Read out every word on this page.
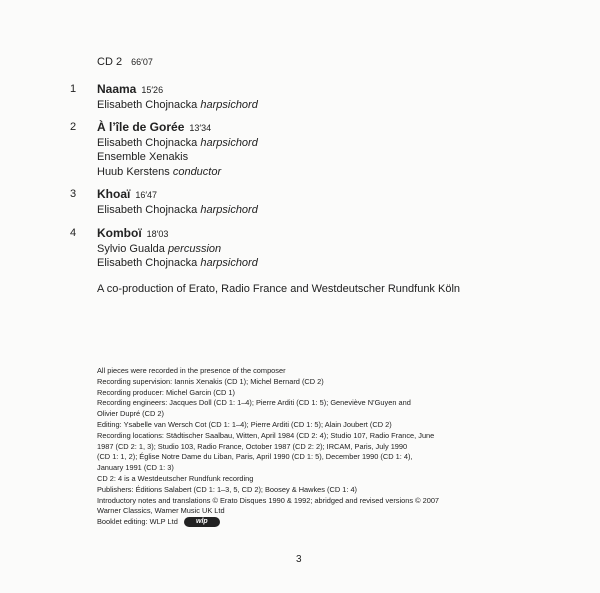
CD 2 66′07
1	Naama 15′26
Elisabeth Chojnacka harpsichord
2	À l’île de Gorée 13′34
Elisabeth Chojnacka harpsichord
Ensemble Xenakis
Huub Kerstens conductor
3	Khoaï 16′47
Elisabeth Chojnacka harpsichord
4	Komboï 18′03
Sylvio Gualda percussion
Elisabeth Chojnacka harpsichord
A co-production of Erato, Radio France and Westdeutscher Rundfunk Köln
All pieces were recorded in the presence of the composer
Recording supervision: Iannis Xenakis (CD 1); Michel Bernard (CD 2)
Recording producer: Michel Garcin (CD 1)
Recording engineers: Jacques Doll (CD 1: 1–4); Pierre Arditi (CD 1: 5); Geneviève N’Guyen and
Olivier Dupré (CD 2)
Editing: Ysabelle van Wersch Cot (CD 1: 1–4); Pierre Arditi (CD 1: 5); Alain Joubert (CD 2)
Recording locations: Städtischer Saalbau, Witten, April 1984 (CD 2: 4); Studio 107, Radio France, June
1987 (CD 2: 1, 3); Studio 103, Radio France, October 1987 (CD 2: 2); IRCAM, Paris, July 1990
(CD 1: 1, 2); Église Notre Dame du Liban, Paris, April 1990 (CD 1: 5), December 1990 (CD 1: 4),
January 1991 (CD 1: 3)
CD 2: 4 is a Westdeutscher Rundfunk recording
Publishers: Éditions Salabert (CD 1: 1–3, 5, CD 2); Boosey & Hawkes (CD 1: 4)
Introductory notes and translations © Erato Disques 1990 & 1992; abridged and revised versions © 2007
Warner Classics, Warner Music UK Ltd
Booklet editing: WLP Ltd	wlp
3
